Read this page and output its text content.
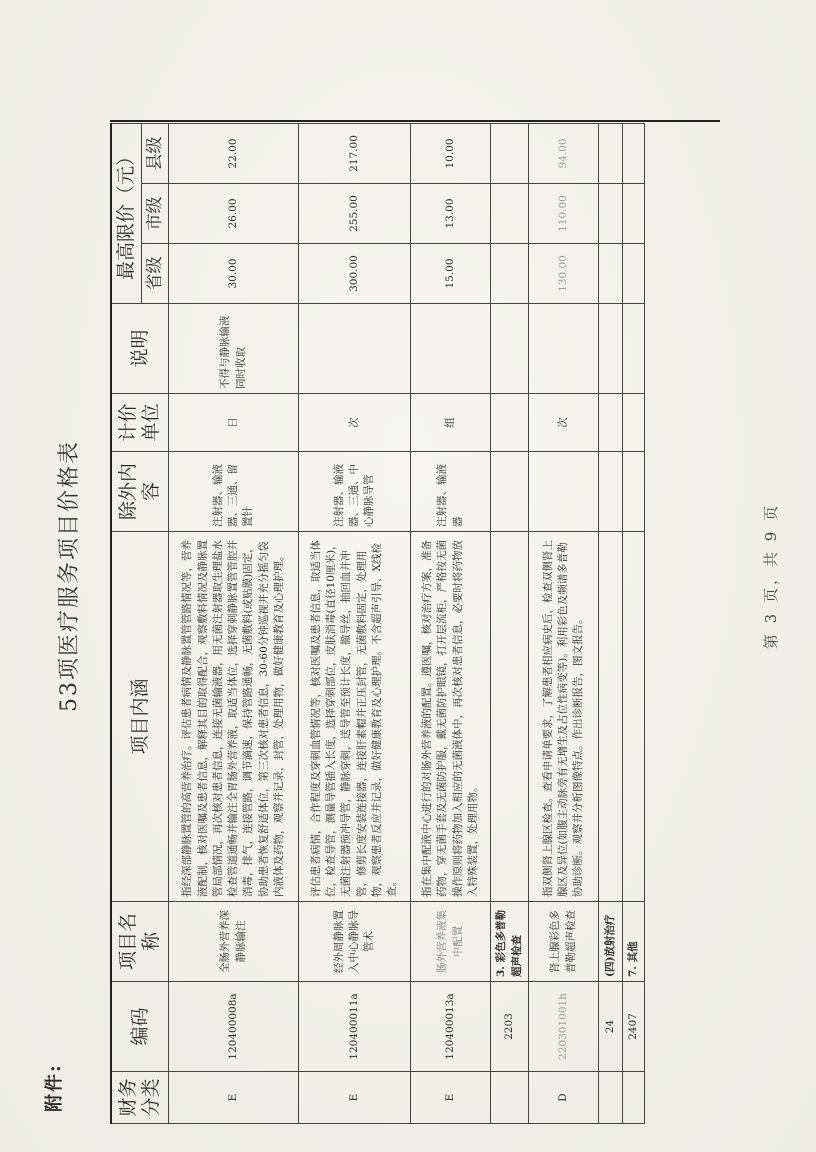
附件:
53项医疗服务项目价格表
财务分类	编码	项目名称	项目内涵	除外内容	计价单位	说明	最高限价（元）		
							省级	市级	县级
E	120400008a	全肠外营养深静脉输注	指经深部静脉置管的高营养治疗。评估患者病情及静脉置管管路情况等，营养液配制，核对医嘱及患者信息，解释其目的取得配合，观察敷料情况及静脉置管局部情况，再次核对患者信息，连接无菌输液器，用无菌注射器取生理盐水检查管道通畅并输注全胃肠外营养液，取适当体位，选择穿刺静脉置管管腔并消毒，排气，连接管路，调节滴速，保持管路通畅，无菌敷料(或贴膜)固定，协助患者恢复舒适体位，第三次核对患者信息，30-60分钟巡视并充分摇匀袋内液体及药物，观察并记录，封管，处理用物，做好健康教育及心理护理。	注射器、输液器、三通、留置针	日	不得与静脉输液同时收取	30.00	26.00	22.00
E	120400011a	经外周静脉置入中心静脉导管术	评估患者病情，合作程度及穿刺血管情况等，核对医嘱及患者信息，取适当体位，检查导管，测量导管插入长度，选择穿刺部位，皮肤消毒(直径10厘米)，无菌注射器预冲导管，静脉穿刺，送导管至预计长度，撤导丝，抽回血并冲管，修剪长度安装连接器，连接肝素帽并正压封管，无菌敷料固定，处理用物，观察患者反应并记录，做好健康教育及心理护理。不含超声引导、X线检查。	注射器、输液器、三通、中心静脉导管	次		300.00	255.00	217.00
E	120400013a	肠外营养液集中配置	指在集中配液中心进行的对肠外营养液的配置。遵医嘱，核对治疗方案，准备药物，穿无菌手套及无菌防护服，戴无菌防护眼镜，打开层流柜，严格按无菌操作原则将药物加入相应的无菌液体中，再次核对患者信息，必要时将药物放入特殊装置，处理用物。	注射器、输液器	组		15.00	13.00	10.00
	2203	3. 彩色多普勒超声检查							
D	220301001h	肾上腺彩色多普勒超声检查	指双侧肾上腺区检查。查看申请单要求，了解患者相应病史后，检查双侧肾上腺区及异位(如腹主动脉旁有无增生及占位性病变等)。利用彩色及频谱多普勒协助诊断。观察并分析图像特点。作出诊断报告，图文报告。		次		130.00	110.00	94.00
	24	(四)放射治疗							
	2407	7. 其他							
第 3 页，共 9 页
